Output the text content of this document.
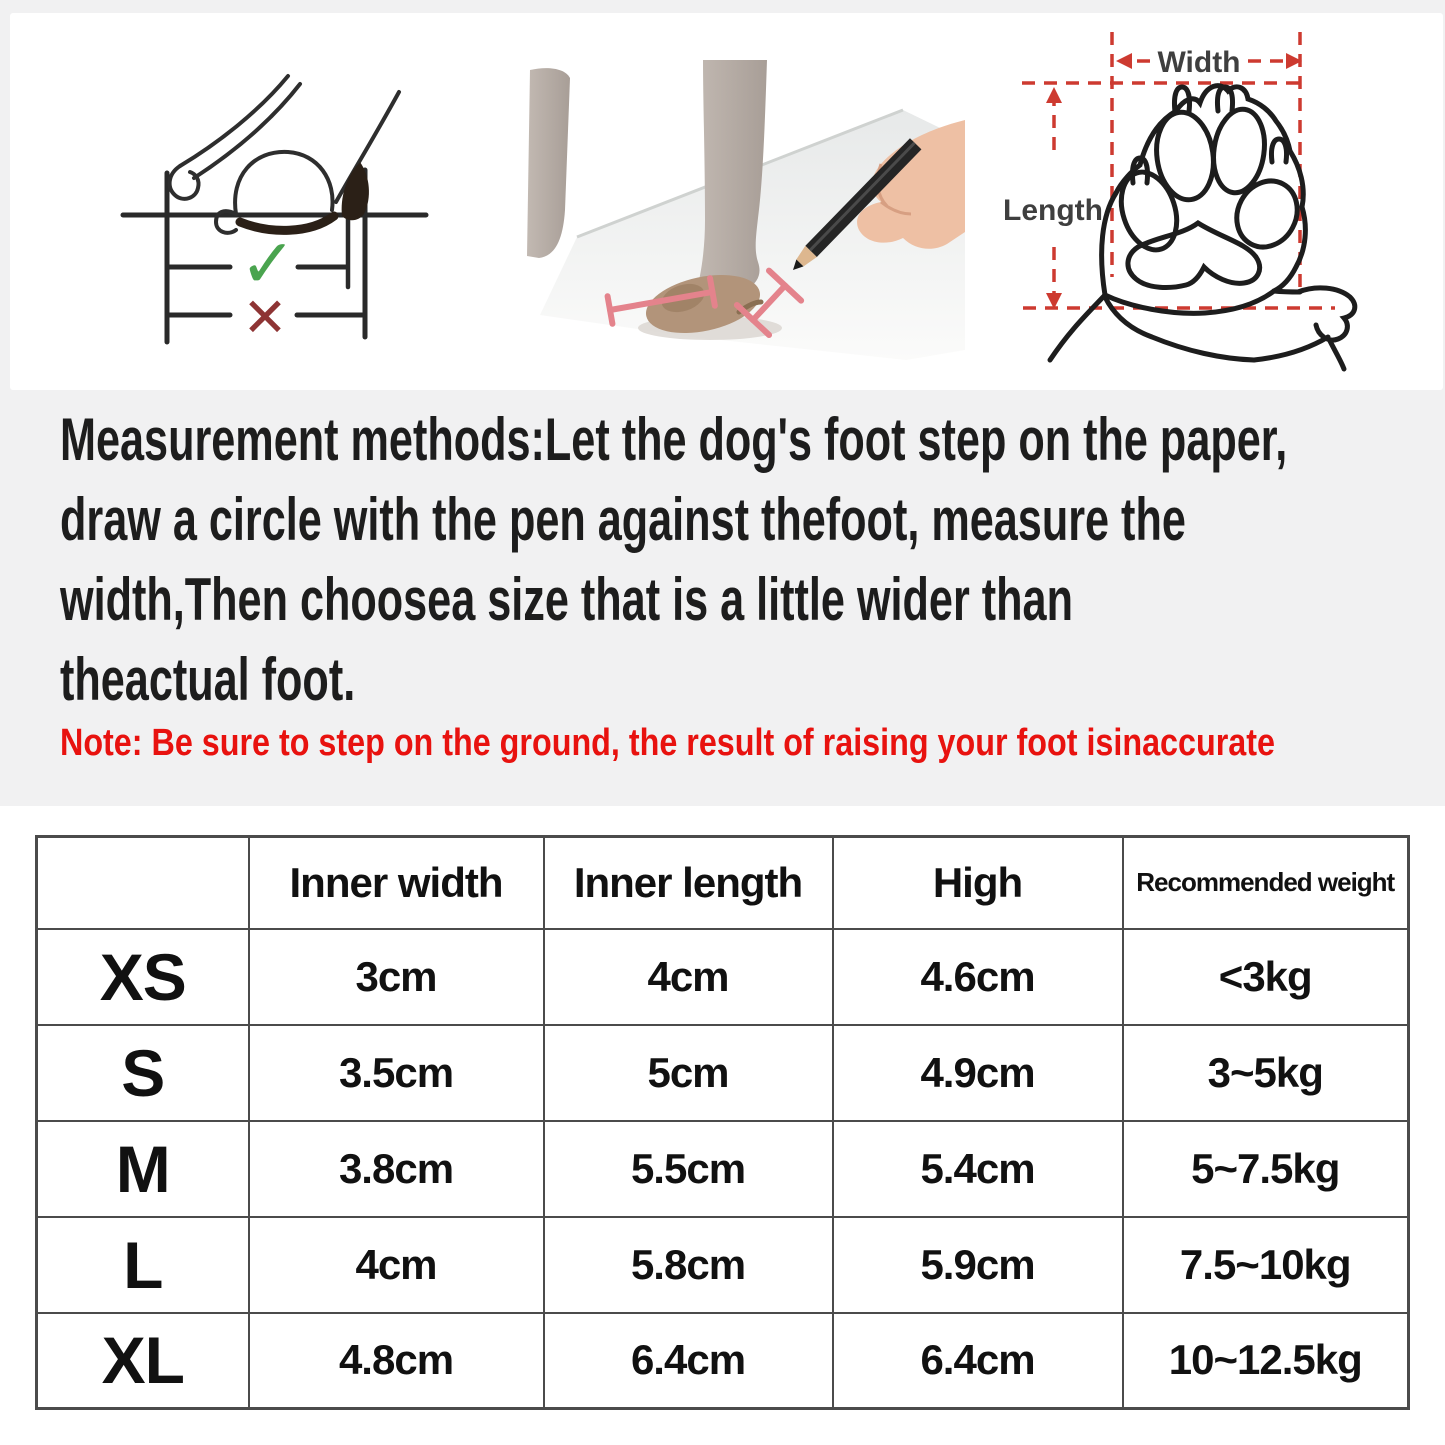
✓
✕
Width
Length
Measurement methods:Let the dog's foot step on the paper,
draw a circle with the pen against thefoot, measure the
width,Then choosea size that is a little wider than
theactual foot.
Note: Be sure to step on the ground, the result of raising your foot isinaccurate
	Inner width	Inner length	High	Recommended weight
XS	3cm	4cm	4.6cm	<3kg
S	3.5cm	5cm	4.9cm	3~5kg
M	3.8cm	5.5cm	5.4cm	5~7.5kg
L	4cm	5.8cm	5.9cm	7.5~10kg
XL	4.8cm	6.4cm	6.4cm	10~12.5kg
